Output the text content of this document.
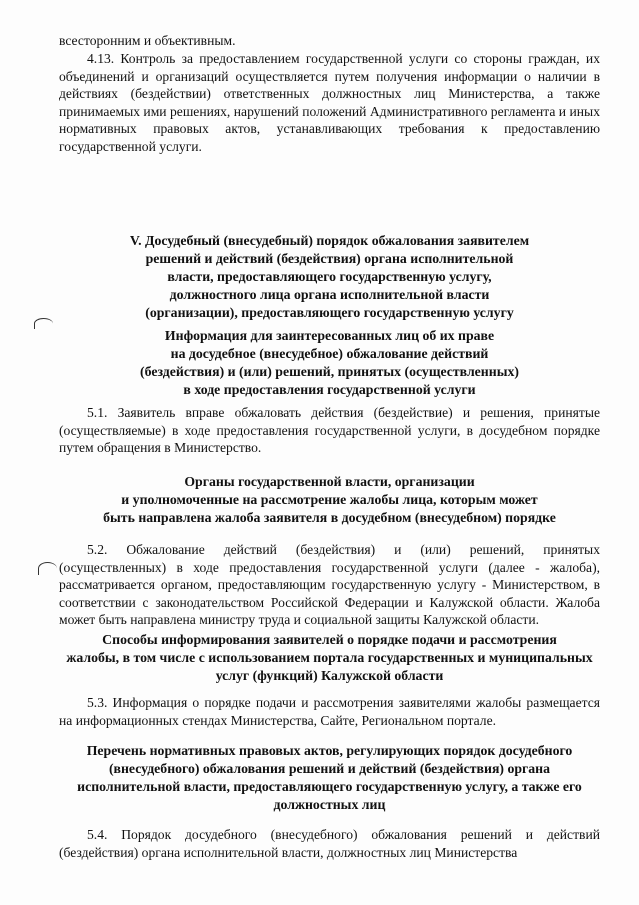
всесторонним и объективным.
4.13. Контроль за предоставлением государственной услуги со стороны граждан, их объединений и организаций осуществляется путем получения информации о наличии в действиях (бездействии) ответственных должностных лиц Министерства, а также принимаемых ими решениях, нарушений положений Административного регламента и иных нормативных правовых актов, устанавливающих требования к предоставлению государственной услуги.
V. Досудебный (внесудебный) порядок обжалования заявителем
решений и действий (бездействия) органа исполнительной
власти, предоставляющего государственную услугу,
должностного лица органа исполнительной власти
(организации), предоставляющего государственную услугу
Информация для заинтересованных лиц об их праве
на досудебное (внесудебное) обжалование действий
(бездействия) и (или) решений, принятых (осуществленных)
в ходе предоставления государственной услуги
5.1. Заявитель вправе обжаловать действия (бездействие) и решения, принятые (осуществляемые) в ходе предоставления государственной услуги, в досудебном порядке путем обращения в Министерство.
Органы государственной власти, организации
и уполномоченные на рассмотрение жалобы лица, которым может
быть направлена жалоба заявителя в досудебном (внесудебном) порядке
5.2. Обжалование действий (бездействия) и (или) решений, принятых (осуществленных) в ходе предоставления государственной услуги (далее - жалоба), рассматривается органом, предоставляющим государственную услугу - Министерством, в соответствии с законодательством Российской Федерации и Калужской области. Жалоба может быть направлена министру труда и социальной защиты Калужской области.
Способы информирования заявителей о порядке подачи и рассмотрения
жалобы, в том числе с использованием портала государственных и муниципальных
услуг (функций) Калужской области
5.3. Информация о порядке подачи и рассмотрения заявителями жалобы размещается на информационных стендах Министерства, Сайте, Региональном портале.
Перечень нормативных правовых актов, регулирующих порядок досудебного
(внесудебного) обжалования решений и действий (бездействия) органа
исполнительной власти, предоставляющего государственную услугу, а также его
должностных лиц
5.4. Порядок досудебного (внесудебного) обжалования решений и действий (бездействия) органа исполнительной власти, должностных лиц Министерства
